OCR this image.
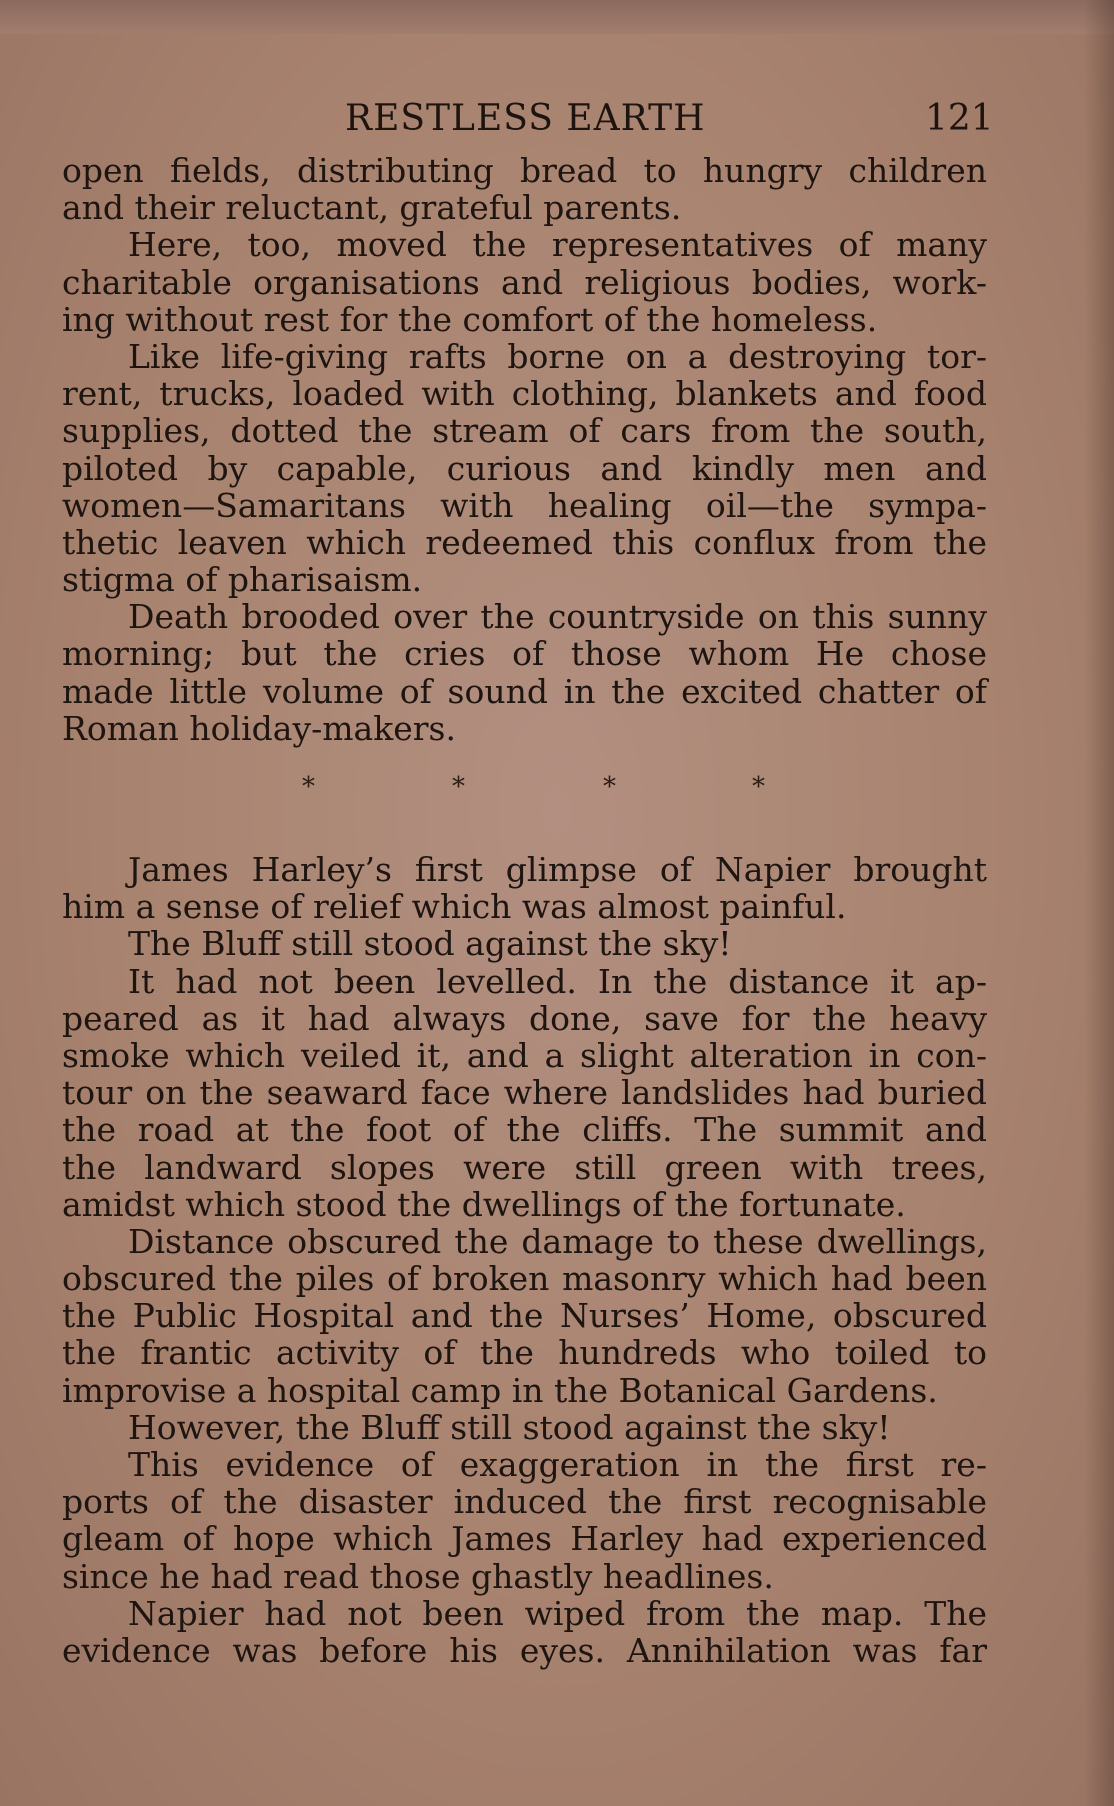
RESTLESS EARTH	121
open fields, distributing bread to hungry children
and their reluctant, grateful parents.
Here, too, moved the representatives of many
charitable organisations and religious bodies, work-
ing without rest for the comfort of the homeless.
Like life-giving rafts borne on a destroying tor-
rent, trucks, loaded with clothing, blankets and food
supplies, dotted the stream of cars from the south,
piloted by capable, curious and kindly men and
women—Samaritans with healing oil—the sympa-
thetic leaven which redeemed this conflux from the
stigma of pharisaism.
Death brooded over the countryside on this sunny
morning; but the cries of those whom He chose
made little volume of sound in the excited chatter of
Roman holiday-makers.
*	*	*	*
James Harley’s first glimpse of Napier brought
him a sense of relief which was almost painful.
The Bluff still stood against the sky!
It had not been levelled. In the distance it ap-
peared as it had always done, save for the heavy
smoke which veiled it, and a slight alteration in con-
tour on the seaward face where landslides had buried
the road at the foot of the cliffs. The summit and
the landward slopes were still green with trees,
amidst which stood the dwellings of the fortunate.
Distance obscured the damage to these dwellings,
obscured the piles of broken masonry which had been
the Public Hospital and the Nurses’ Home, obscured
the frantic activity of the hundreds who toiled to
improvise a hospital camp in the Botanical Gardens.
However, the Bluff still stood against the sky!
This evidence of exaggeration in the first re-
ports of the disaster induced the first recognisable
gleam of hope which James Harley had experienced
since he had read those ghastly headlines.
Napier had not been wiped from the map. The
evidence was before his eyes. Annihilation was far
